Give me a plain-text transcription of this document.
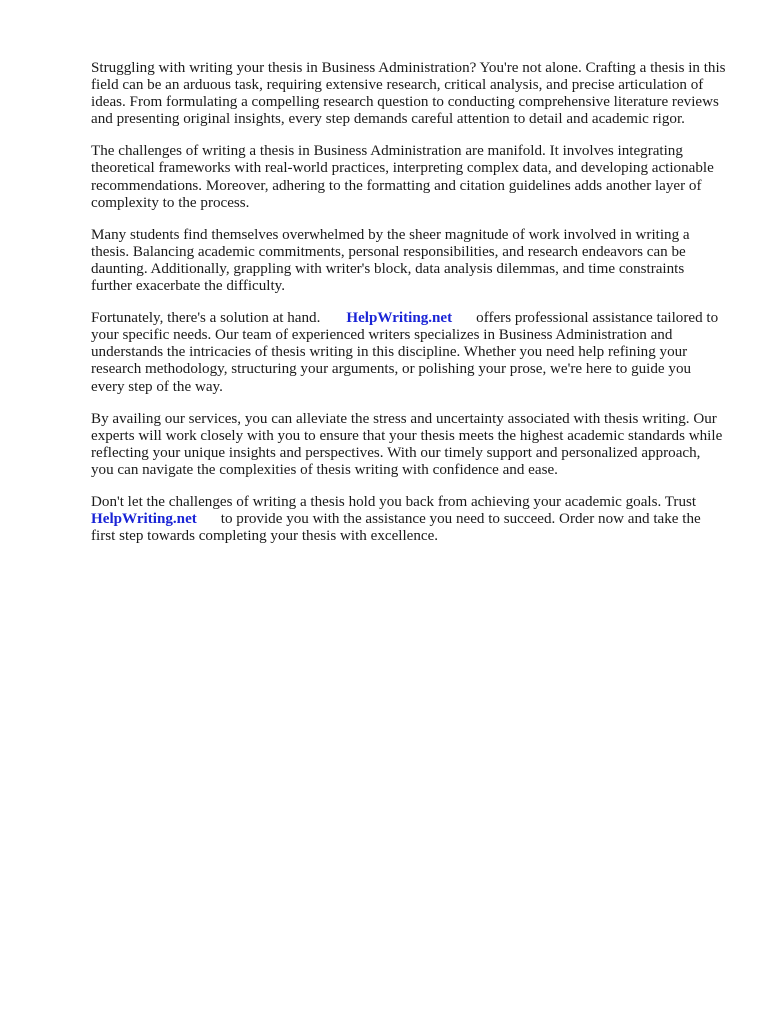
Struggling with writing your thesis in Business Administration? You're not alone. Crafting a thesis in this field can be an arduous task, requiring extensive research, critical analysis, and precise articulation of ideas. From formulating a compelling research question to conducting comprehensive literature reviews and presenting original insights, every step demands careful attention to detail and academic rigor.

The challenges of writing a thesis in Business Administration are manifold. It involves integrating theoretical frameworks with real-world practices, interpreting complex data, and developing actionable recommendations. Moreover, adhering to the formatting and citation guidelines adds another layer of complexity to the process.

Many students find themselves overwhelmed by the sheer magnitude of work involved in writing a thesis. Balancing academic commitments, personal responsibilities, and research endeavors can be daunting. Additionally, grappling with writer's block, data analysis dilemmas, and time constraints further exacerbate the difficulty.

Fortunately, there's a solution at hand. HelpWriting.net offers professional assistance tailored to your specific needs. Our team of experienced writers specializes in Business Administration and understands the intricacies of thesis writing in this discipline. Whether you need help refining your research methodology, structuring your arguments, or polishing your prose, we're here to guide you every step of the way.

By availing our services, you can alleviate the stress and uncertainty associated with thesis writing. Our experts will work closely with you to ensure that your thesis meets the highest academic standards while reflecting your unique insights and perspectives. With our timely support and personalized approach, you can navigate the complexities of thesis writing with confidence and ease.

Don't let the challenges of writing a thesis hold you back from achieving your academic goals. TrustHelpWriting.net to provide you with the assistance you need to succeed. Order now and take the first step towards completing your thesis with excellence.
